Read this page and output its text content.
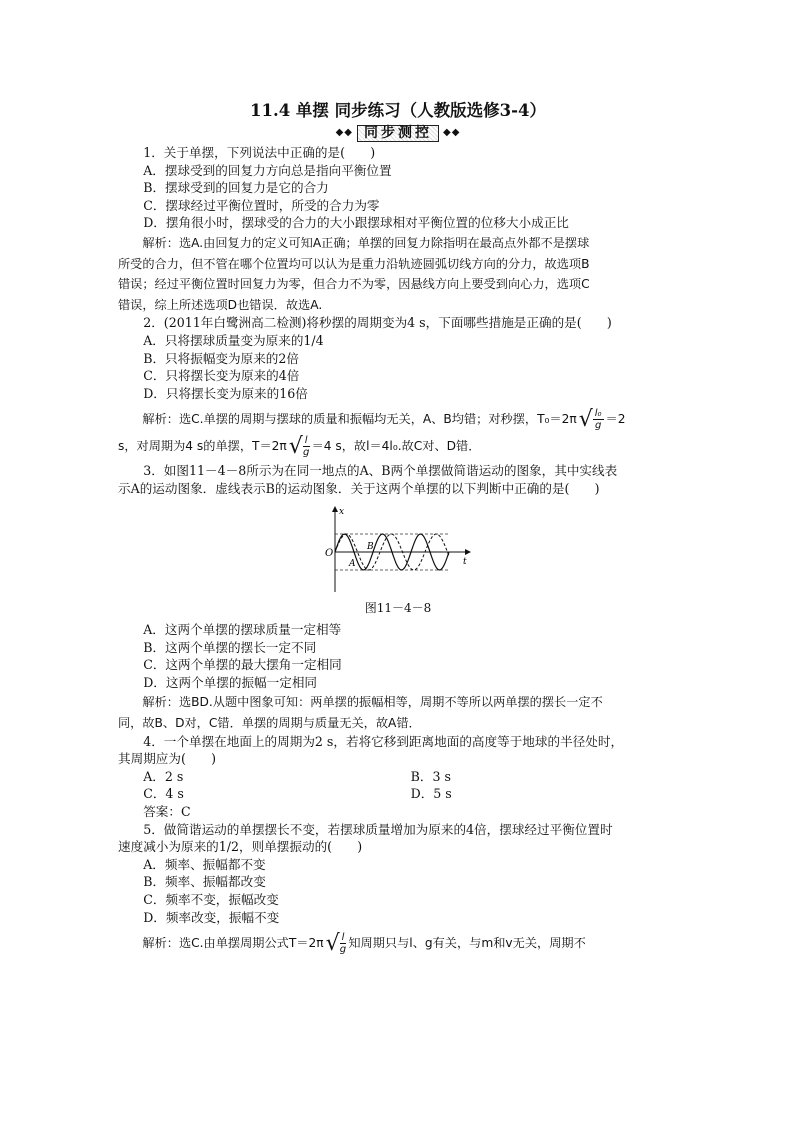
11.4 单摆 同步练习（人教版选修3-4）
◆◆ 同步测控	◆◆

1．关于单摆，下列说法中正确的是(　　)

A．摆球受到的回复力方向总是指向平衡位置

B．摆球受到的回复力是它的合力

C．摆球经过平衡位置时，所受的合力为零

D．摆角很小时，摆球受的合力的大小跟摆球相对平衡位置的位移大小成正比

解析：选A.由回复力的定义可知A正确；单摆的回复力除指明在最高点外都不是摆球

所受的合力，但不管在哪个位置均可以认为是重力沿轨迹圆弧切线方向的分力，故选项B

错误；经过平衡位置时回复力为零，但合力不为零，因悬线方向上要受到向心力，选项C

错误，综上所述选项D也错误．故选A.

2．(2011年白鹭洲高二检测)将秒摆的周期变为4 s，下面哪些措施是正确的是(　　)

A．只将摆球质量变为原来的1/4

B．只将振幅变为原来的2倍

C．只将摆长变为原来的4倍

D．只将摆长变为原来的16倍

解析：选C.单摆的周期与摆球的质量和振幅均无关，A、B均错；对秒摆，T₀＝2π √ $\frac{\text{l₀}}{g} =2$
s，对周期为4 s的单摆，T＝2π √ $\frac{l}{g} =4$ s，故l＝4l₀.故C对、D错．

3．如图11－4－8所示为在同一地点的A、B两个单摆做简谐运动的图象，其中实线表

示A的运动图象．虚线表示B的运动图象．关于这两个单摆的以下判断中正确的是(　　)

x
O
t
B
A
图11－4－8

A．这两个单摆的摆球质量一定相等

B．这两个单摆的摆长一定不同

C．这两个单摆的最大摆角一定相同

D．这两个单摆的振幅一定相同

解析：选BD.从题中图象可知：两单摆的振幅相等，周期不等所以两单摆的摆长一定不

同，故B、D对，C错．单摆的周期与质量无关，故A错．

4．一个单摆在地面上的周期为2 s，若将它移到距离地面的高度等于地球的半径处时，

其周期应为(　　)

A．2 s	B．3 s
C．4 s	D．5 s

答案：C

5．做简谐运动的单摆摆长不变，若摆球质量增加为原来的4倍，摆球经过平衡位置时

速度减小为原来的1/2，则单摆振动的(　　)

A．频率、振幅都不变

B．频率、振幅都改变

C．频率不变，振幅改变

D．频率改变，振幅不变

解析：选C.由单摆周期公式T＝2π √ $\frac{l}{g}$ 知周期只与l、g有关，与m和v无关，周期不
